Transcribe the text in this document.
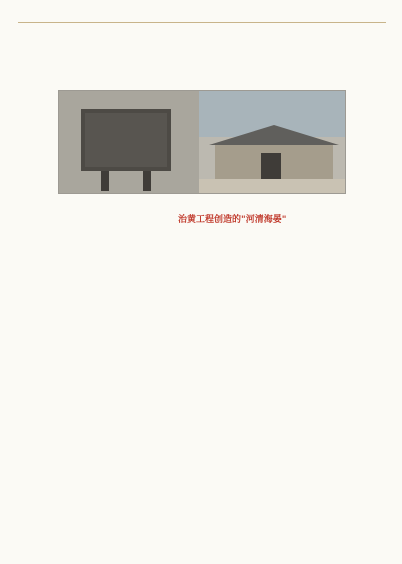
治黄工程创造的"河清海晏"
